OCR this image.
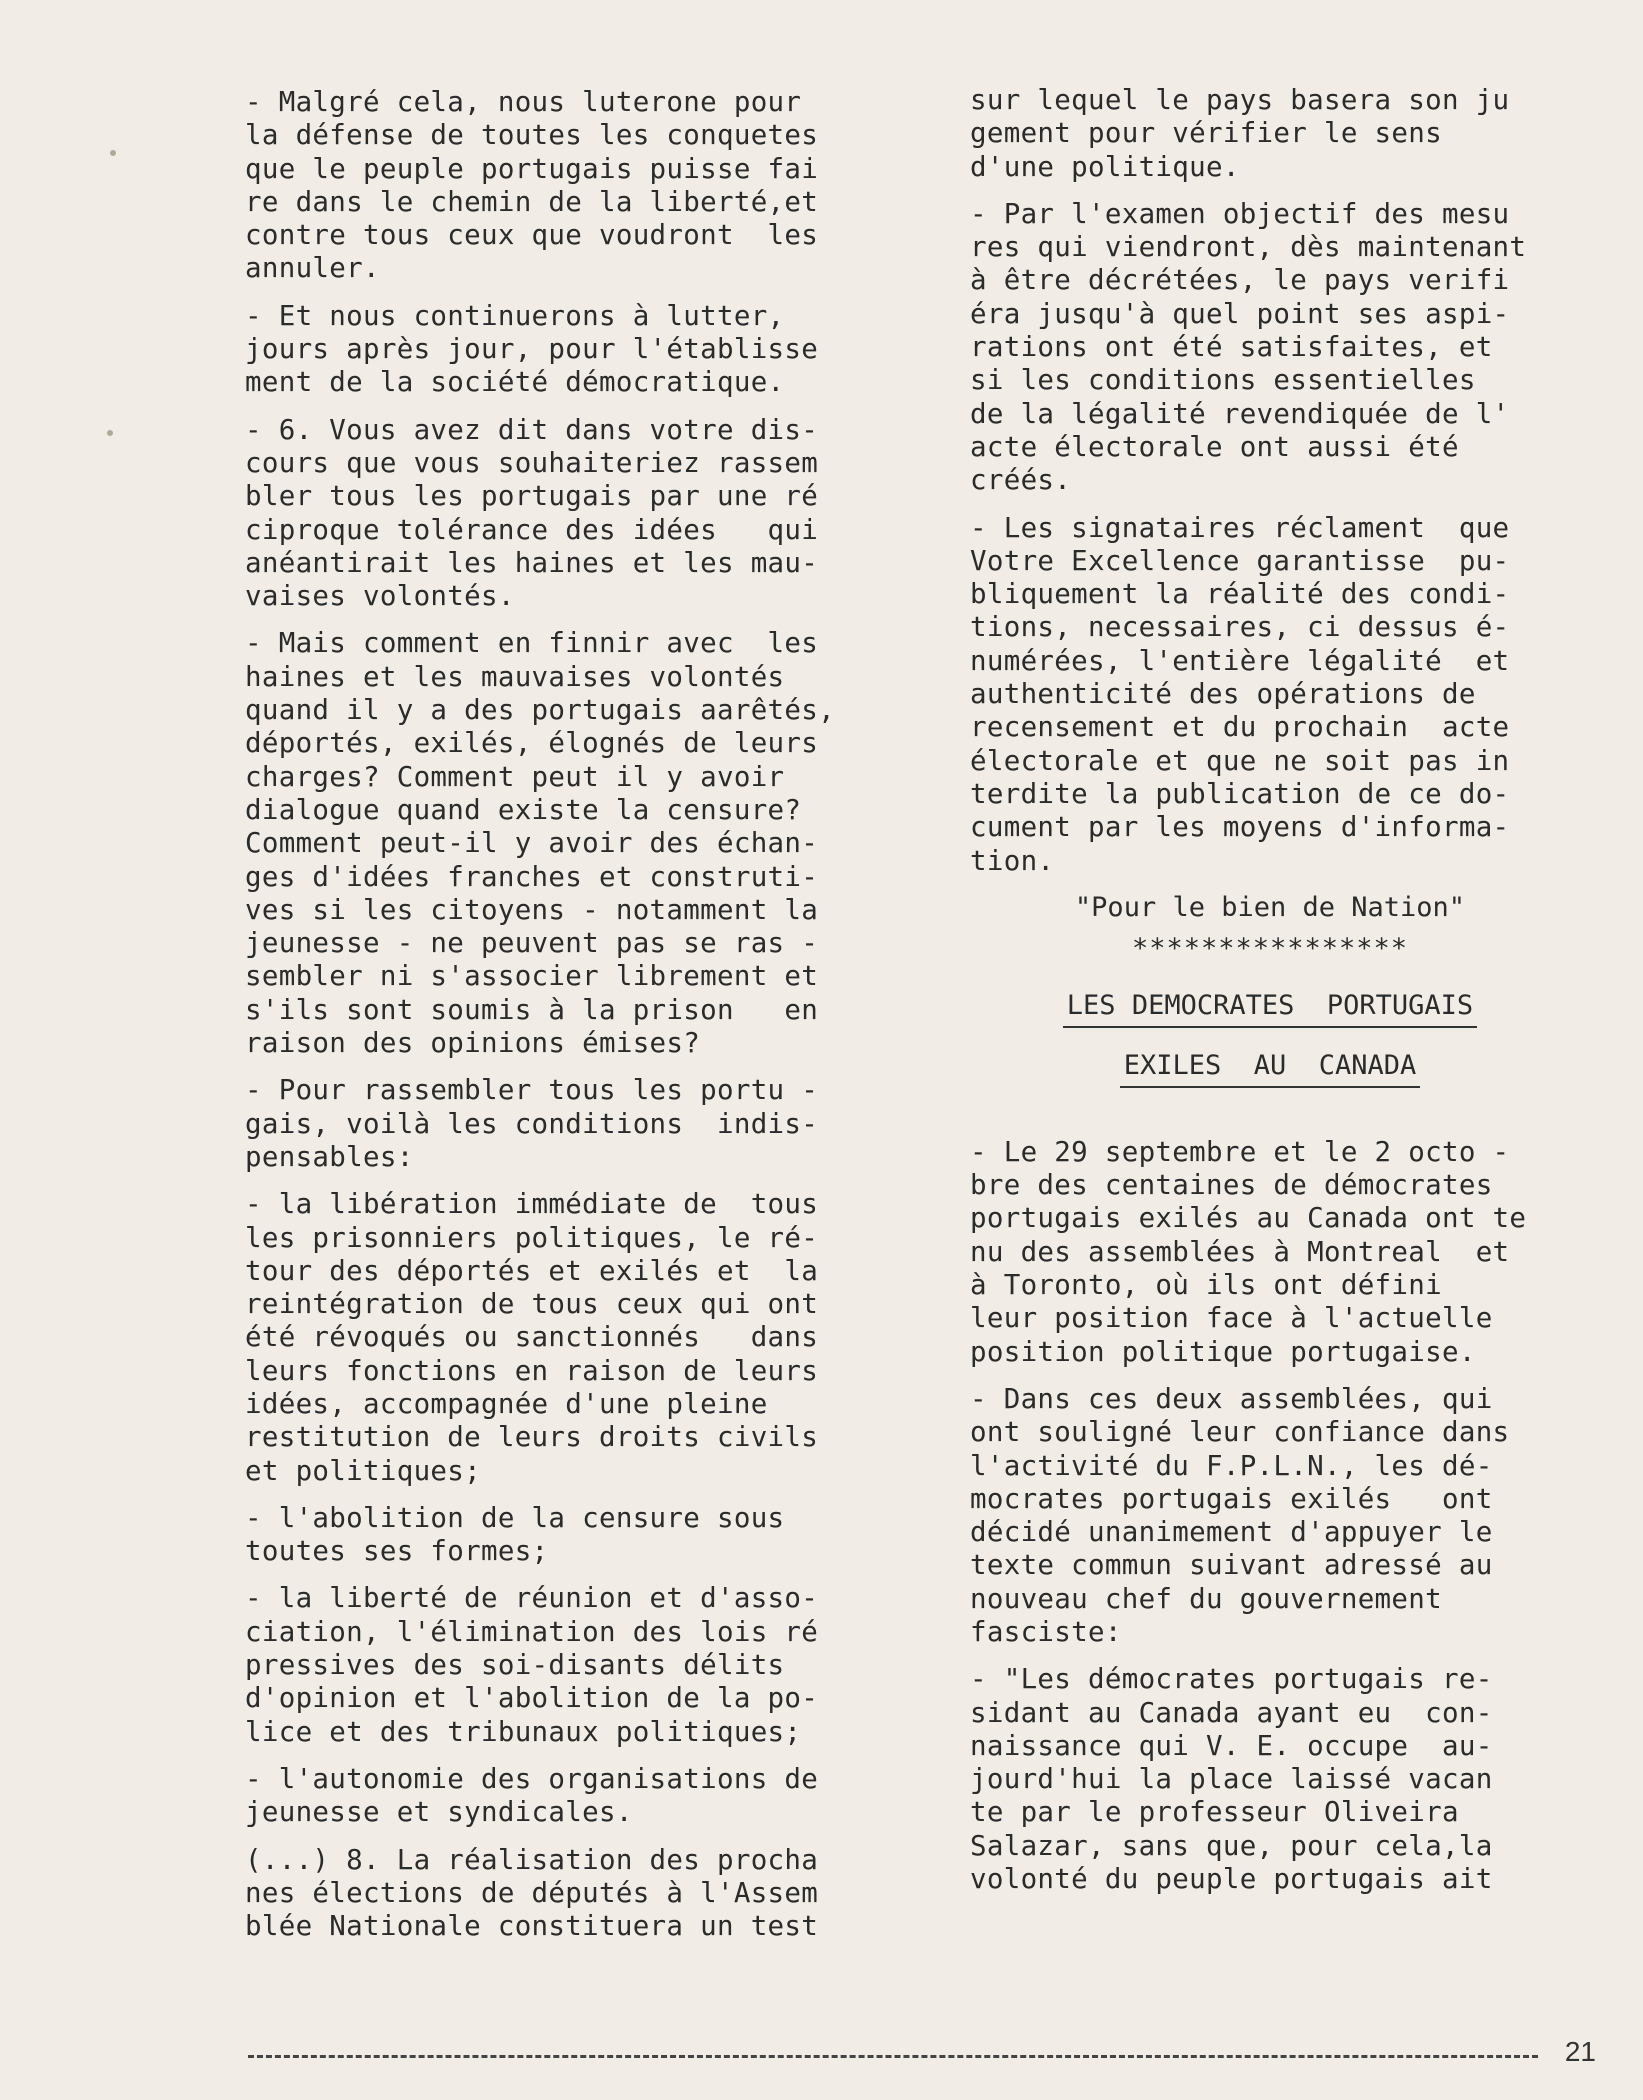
- Malgré cela, nous luterone pour
la défense de toutes les conquetes
que le peuple portugais puisse fai
re dans le chemin de la liberté,et
contre tous ceux que voudront  les
annuler.

- Et nous continuerons à lutter,
jours après jour, pour l'établisse
ment de la société démocratique.

- 6. Vous avez dit dans votre dis-
cours que vous souhaiteriez rassem
bler tous les portugais par une ré
ciproque tolérance des idées   qui
anéantirait les haines et les mau-
vaises volontés.

- Mais comment en finnir avec  les
haines et les mauvaises volontés
quand il y a des portugais aarêtés,
déportés, exilés, élognés de leurs
charges? Comment peut il y avoir
dialogue quand existe la censure?
Comment peut-il y avoir des échan-
ges d'idées franches et construti-
ves si les citoyens - notamment la
jeunesse - ne peuvent pas se ras -
sembler ni s'associer librement et
s'ils sont soumis à la prison   en
raison des opinions émises?

- Pour rassembler tous les portu -
gais, voilà les conditions  indis-
pensables:

- la libération immédiate de  tous
les prisonniers politiques, le ré-
tour des déportés et exilés et  la
reintégration de tous ceux qui ont
été révoqués ou sanctionnés   dans
leurs fonctions en raison de leurs
idées, accompagnée d'une pleine
restitution de leurs droits civils
et politiques;

- l'abolition de la censure sous
toutes ses formes;

- la liberté de réunion et d'asso-
ciation, l'élimination des lois ré
pressives des soi-disants délits
d'opinion et l'abolition de la po-
lice et des tribunaux politiques;

- l'autonomie des organisations de
jeunesse et syndicales.

(...) 8. La réalisation des procha
nes élections de députés à l'Assem
blée Nationale constituera un test

sur lequel le pays basera son ju
gement pour vérifier le sens
d'une politique.

- Par l'examen objectif des mesu
res qui viendront, dès maintenant
à être décrétées, le pays verifi
éra jusqu'à quel point ses aspi-
rations ont été satisfaites, et
si les conditions essentielles
de la légalité revendiquée de l'
acte électorale ont aussi été
créés.

- Les signataires réclament  que
Votre Excellence garantisse  pu-
bliquement la réalité des condi-
tions, necessaires, ci dessus é-
numérées, l'entière légalité  et
authenticité des opérations de
recensement et du prochain  acte
électorale et que ne soit pas in
terdite la publication de ce do-
cument par les moyens d'informa-
tion.

"Pour le bien de Nation"
****************
LES DEMOCRATES  PORTUGAIS
EXILES  AU  CANADA

- Le 29 septembre et le 2 octo -
bre des centaines de démocrates
portugais exilés au Canada ont te
nu des assemblées à Montreal  et
à Toronto, où ils ont défini
leur position face à l'actuelle
position politique portugaise.

- Dans ces deux assemblées, qui
ont souligné leur confiance dans
l'activité du F.P.L.N., les dé-
mocrates portugais exilés   ont
décidé unanimement d'appuyer le
texte commun suivant adressé au
nouveau chef du gouvernement
fasciste:

- "Les démocrates portugais re-
sidant au Canada ayant eu  con-
naissance qui V. E. occupe  au-
jourd'hui la place laissé vacan
te par le professeur Oliveira
Salazar, sans que, pour cela,la
volonté du peuple portugais ait

21
